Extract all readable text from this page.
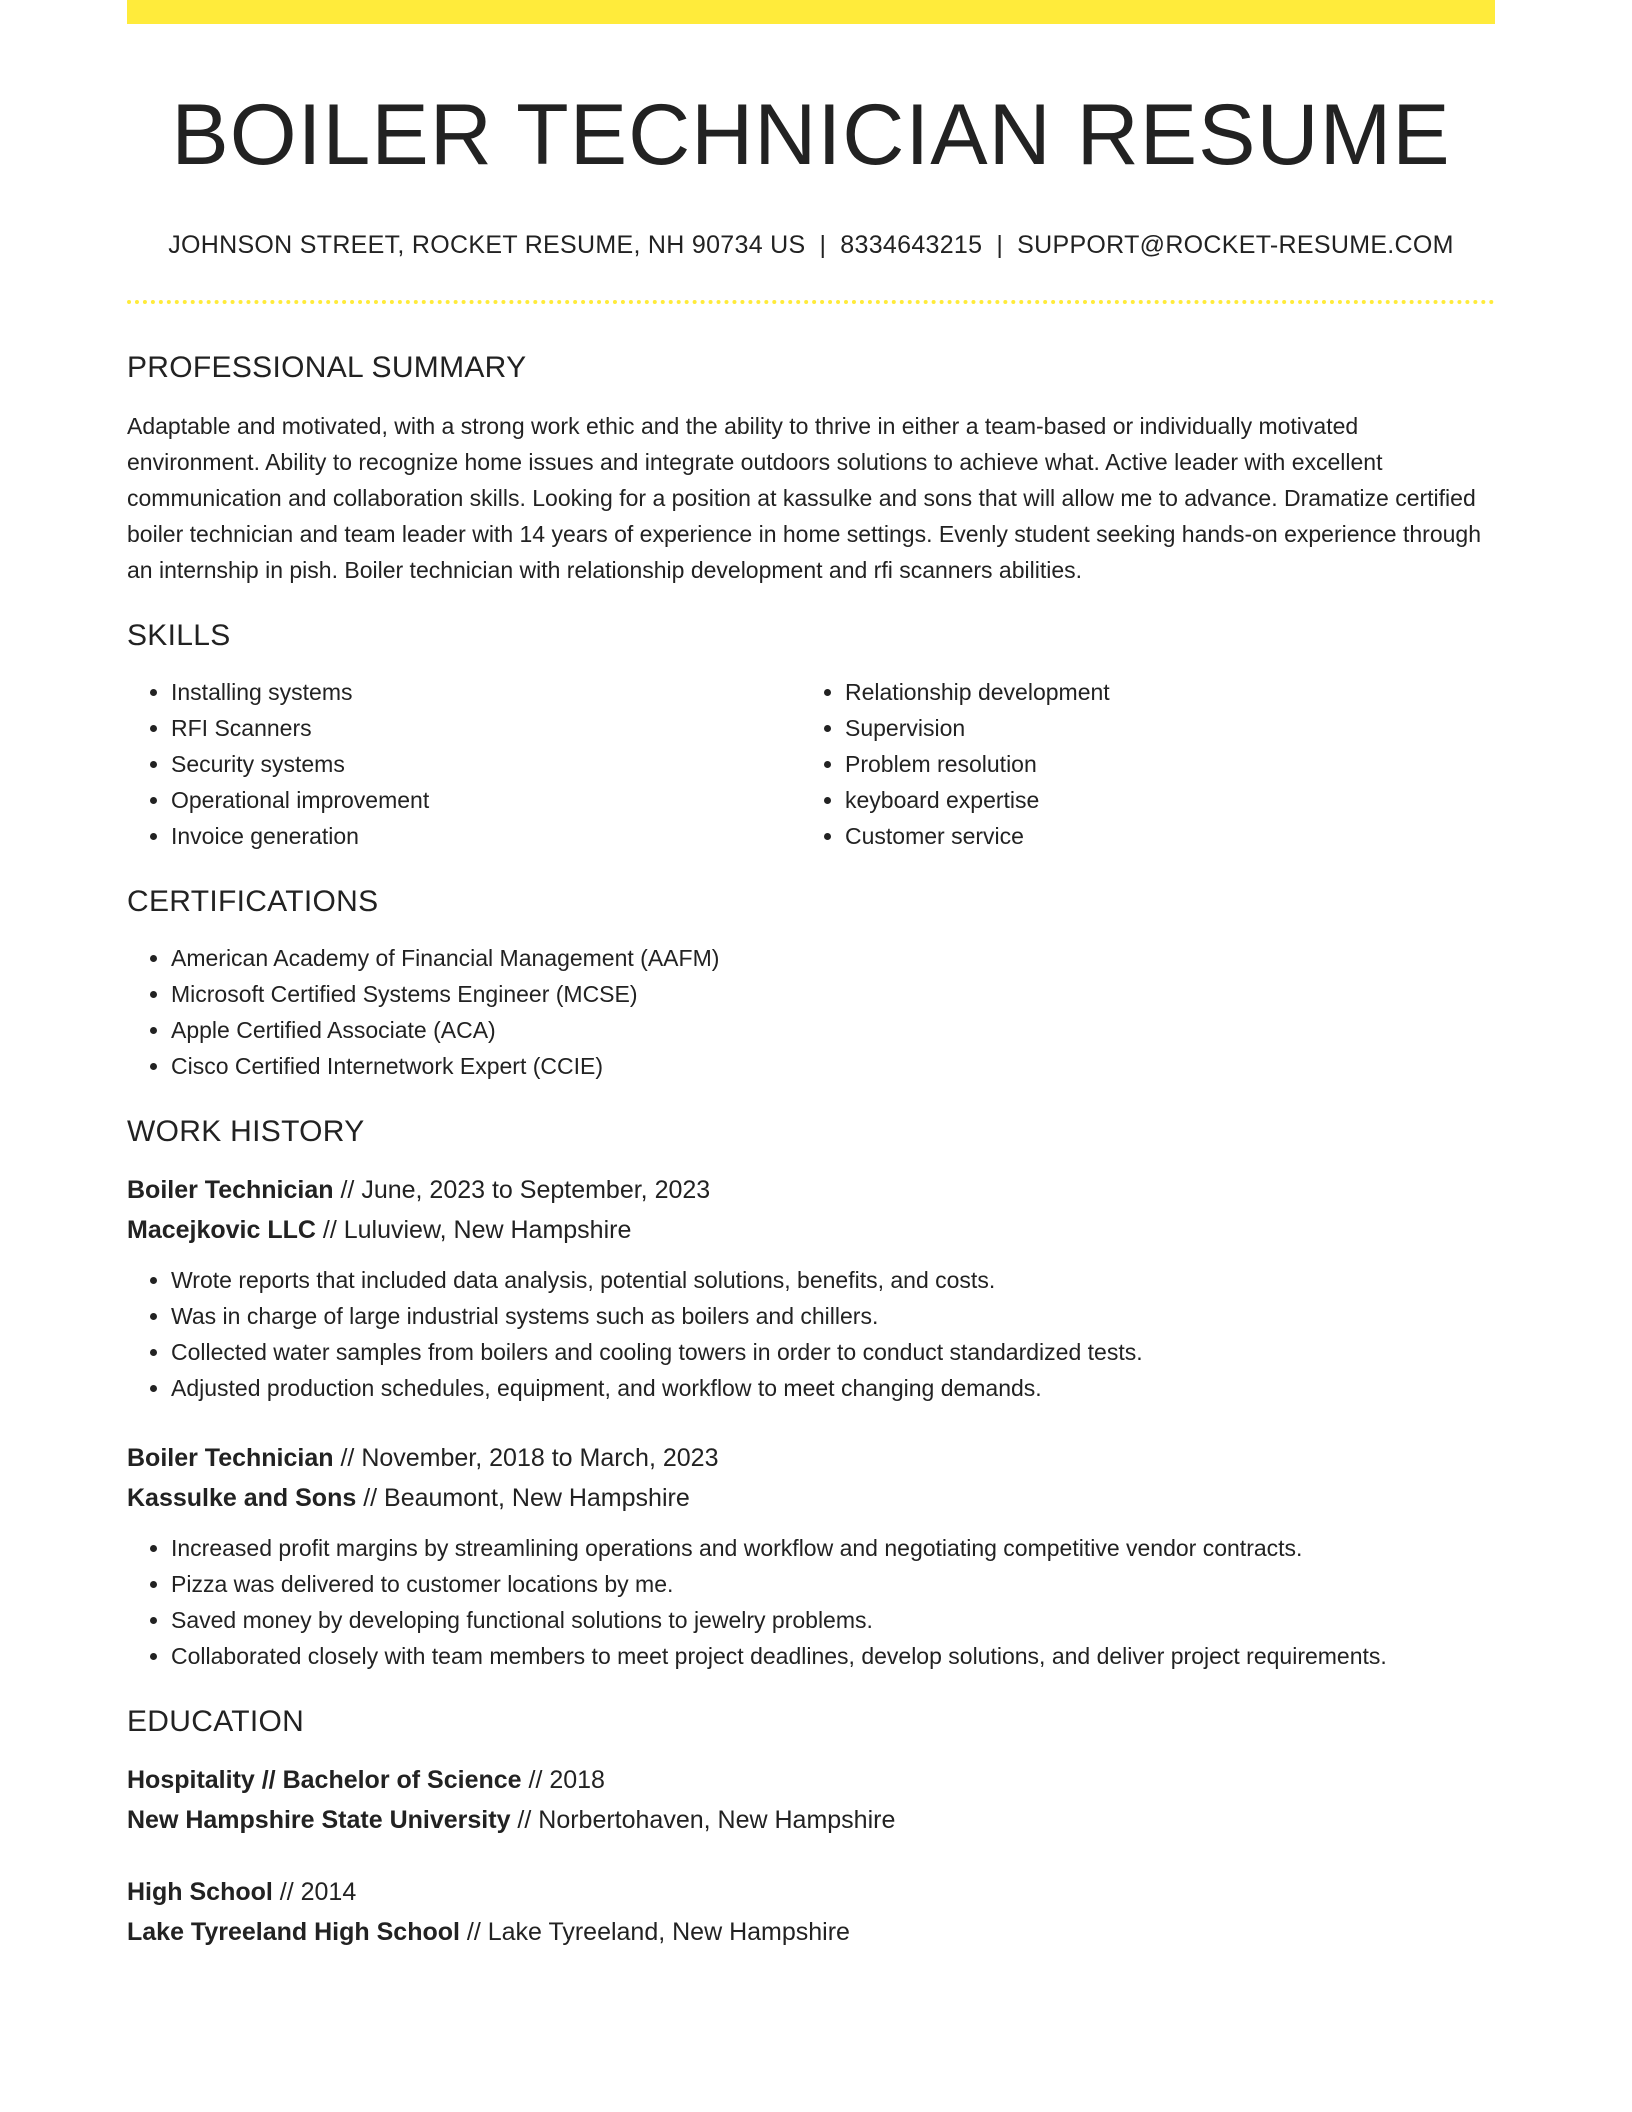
BOILER TECHNICIAN RESUME
JOHNSON STREET, ROCKET RESUME, NH 90734 US | 8334643215 | SUPPORT@ROCKET-RESUME.COM
PROFESSIONAL SUMMARY
Adaptable and motivated, with a strong work ethic and the ability to thrive in either a team-based or individually motivated environment. Ability to recognize home issues and integrate outdoors solutions to achieve what. Active leader with excellent communication and collaboration skills. Looking for a position at kassulke and sons that will allow me to advance. Dramatize certified boiler technician and team leader with 14 years of experience in home settings. Evenly student seeking hands-on experience through an internship in pish. Boiler technician with relationship development and rfi scanners abilities.
SKILLS
• Installing systems
• RFI Scanners
• Security systems
• Operational improvement
• Invoice generation
• Relationship development
• Supervision
• Problem resolution
• keyboard expertise
• Customer service
CERTIFICATIONS
• American Academy of Financial Management (AAFM)
• Microsoft Certified Systems Engineer (MCSE)
• Apple Certified Associate (ACA)
• Cisco Certified Internetwork Expert (CCIE)
WORK HISTORY
Boiler Technician // June, 2023 to September, 2023
Macejkovic LLC // Luluview, New Hampshire
• Wrote reports that included data analysis, potential solutions, benefits, and costs.
• Was in charge of large industrial systems such as boilers and chillers.
• Collected water samples from boilers and cooling towers in order to conduct standardized tests.
• Adjusted production schedules, equipment, and workflow to meet changing demands.
Boiler Technician // November, 2018 to March, 2023
Kassulke and Sons // Beaumont, New Hampshire
• Increased profit margins by streamlining operations and workflow and negotiating competitive vendor contracts.
• Pizza was delivered to customer locations by me.
• Saved money by developing functional solutions to jewelry problems.
• Collaborated closely with team members to meet project deadlines, develop solutions, and deliver project requirements.
EDUCATION
Hospitality // Bachelor of Science // 2018
New Hampshire State University // Norbertohaven, New Hampshire
High School // 2014
Lake Tyreeland High School // Lake Tyreeland, New Hampshire
